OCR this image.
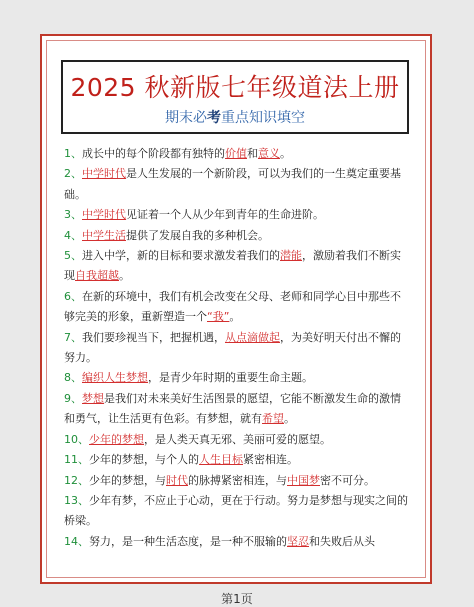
2025 秋新版七年级道法上册
期末必考重点知识填空

1、成长中的每个阶段都有独特的价值和意义。

2、中学时代是人生发展的一个新阶段，可以为我们的一生奠定重要基础。

3、中学时代见证着一个人从少年到青年的生命进阶。

4、中学生活提供了发展自我的多种机会。

5、进入中学，新的目标和要求激发着我们的潜能，激励着我们不断实现自我超越。

6、在新的环境中，我们有机会改变在父母、老师和同学心目中那些不够完美的形象，重新塑造一个“我”。

7、我们要珍视当下，把握机遇，从点滴做起，为美好明天付出不懈的努力。

8、编织人生梦想，是青少年时期的重要生命主题。

9、梦想是我们对未来美好生活图景的愿望，它能不断激发生命的激情和勇气，让生活更有色彩。有梦想，就有希望。

10、少年的梦想，是人类天真无邪、美丽可爱的愿望。

11、少年的梦想，与个人的人生目标紧密相连。

12、少年的梦想，与时代的脉搏紧密相连，与中国梦密不可分。

13、少年有梦，不应止于心动，更在于行动。努力是梦想与现实之间的桥梁。

14、努力，是一种生活态度，是一种不服输的坚忍和失败后从头

第1页
